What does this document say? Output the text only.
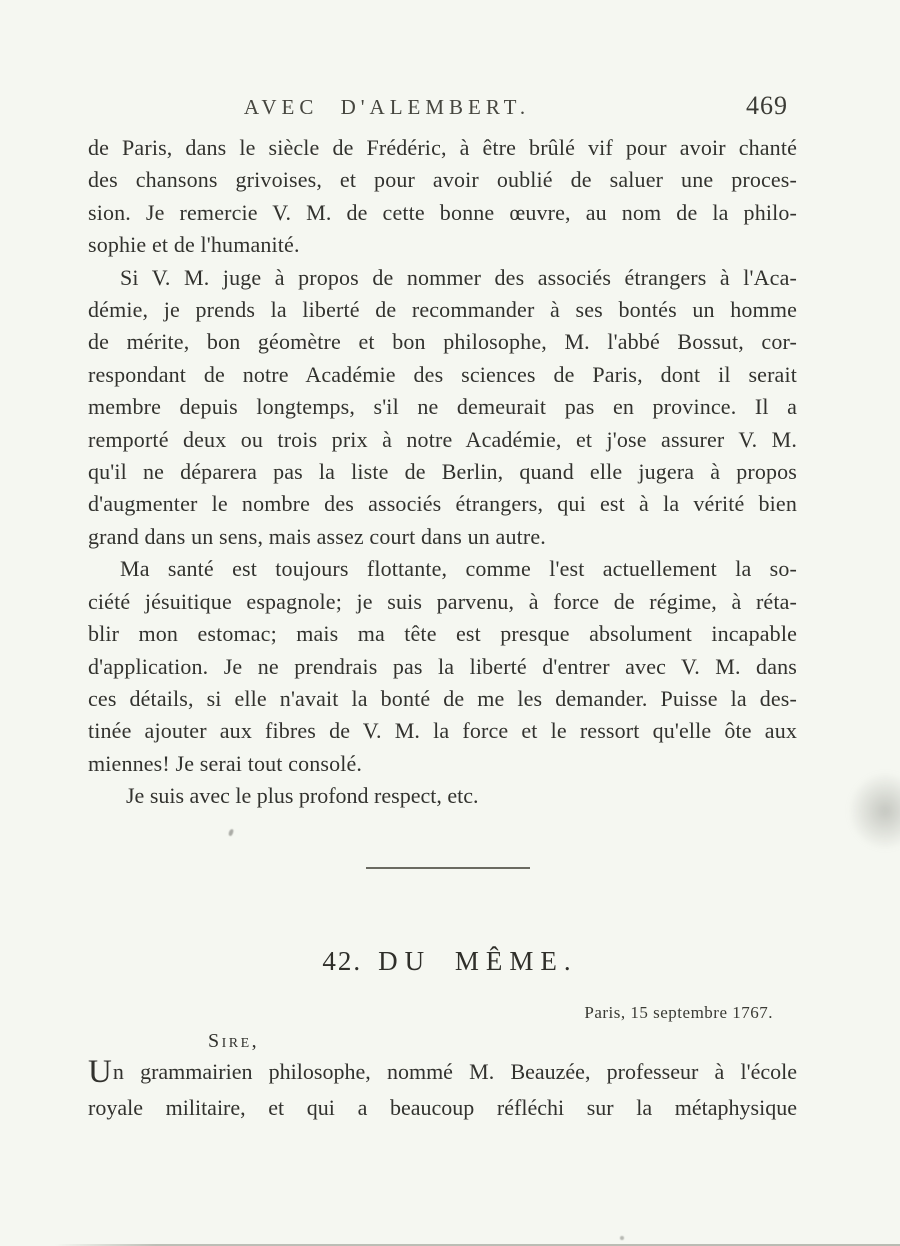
AVEC D'ALEMBERT.	469
de Paris, dans le siècle de Frédéric, à être brûlé vif pour avoir chanté
des chansons grivoises, et pour avoir oublié de saluer une proces-
sion. Je remercie V. M. de cette bonne œuvre, au nom de la philo-
sophie et de l'humanité.
Si V. M. juge à propos de nommer des associés étrangers à l'Aca-
démie, je prends la liberté de recommander à ses bontés un homme
de mérite, bon géomètre et bon philosophe, M. l'abbé Bossut, cor-
respondant de notre Académie des sciences de Paris, dont il serait
membre depuis longtemps, s'il ne demeurait pas en province. Il a
remporté deux ou trois prix à notre Académie, et j'ose assurer V. M.
qu'il ne déparera pas la liste de Berlin, quand elle jugera à propos
d'augmenter le nombre des associés étrangers, qui est à la vérité bien
grand dans un sens, mais assez court dans un autre.
Ma santé est toujours flottante, comme l'est actuellement la so-
ciété jésuitique espagnole; je suis parvenu, à force de régime, à réta-
blir mon estomac; mais ma tête est presque absolument incapable
d'application. Je ne prendrais pas la liberté d'entrer avec V. M. dans
ces détails, si elle n'avait la bonté de me les demander. Puisse la des-
tinée ajouter aux fibres de V. M. la force et le ressort qu'elle ôte aux
miennes! Je serai tout consolé.
Je suis avec le plus profond respect, etc.
42. DU MÊME.
Paris, 15 septembre 1767.
Sire,
Un grammairien philosophe, nommé M. Beauzée, professeur à l'école
royale militaire, et qui a beaucoup réfléchi sur la métaphysique
